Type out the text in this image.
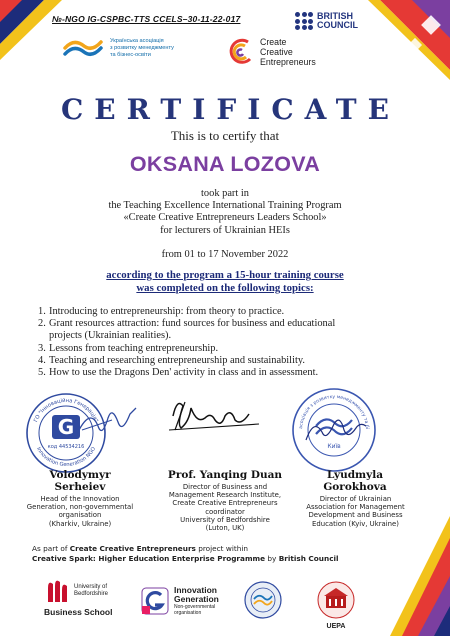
№-NGO IG-CSPBC-TTS CCELS–30-11-22-017	BRITISH
COUNCIL
Українська асоціація
з розвитку менеджменту
та бізнес-освіти
Create
Creative
Entrepreneurs
CERTIFICATE
This is to certify that
OKSANA LOZOVA
took part in
the Teaching Excellence International Training Program
«Create Creative Entrepreneurs Leaders School»
for lecturers of Ukrainian HEIs
from 01 to 17 November 2022
according to the program a 15-hour training course
was completed on the following topics:
1. Introducing to entrepreneurship: from theory to practice.
2. Grant resources attraction: fund sources for business and educational
projects (Ukrainian realities).
3. Lessons from teaching entrepreneurship.
4. Teaching and researching entrepreneurship and sustainability.
5. How to use the Dragons Den' activity in class and in assessment.
ГО "Інноваційна Генерація"
Innovation Generation NGO
G
код 44534216
асоціація з розвитку менеджменту та бі
Київ
Volodymyr
Serheiev
Head of the Innovation
Generation, non-governmental
organisation
(Kharkiv, Ukraine)
Prof. Yanqing Duan
Director of Business and
Management Research Institute,
Create Creative Entrepreneurs
coordinator
University of Bedfordshire
(Luton, UK)
Lyudmyla
Gorokhova
Director of Ukrainian
Association for Management
Development and Business
Education (Kyiv, Ukraine)
As part of Create Creative Entrepreneurs project within
Creative Spark: Higher Education Enterprise Programme by British Council
University of
Bedfordshire
Business School
Innovation
Generation
Non-governmental
organisation
UEPA
